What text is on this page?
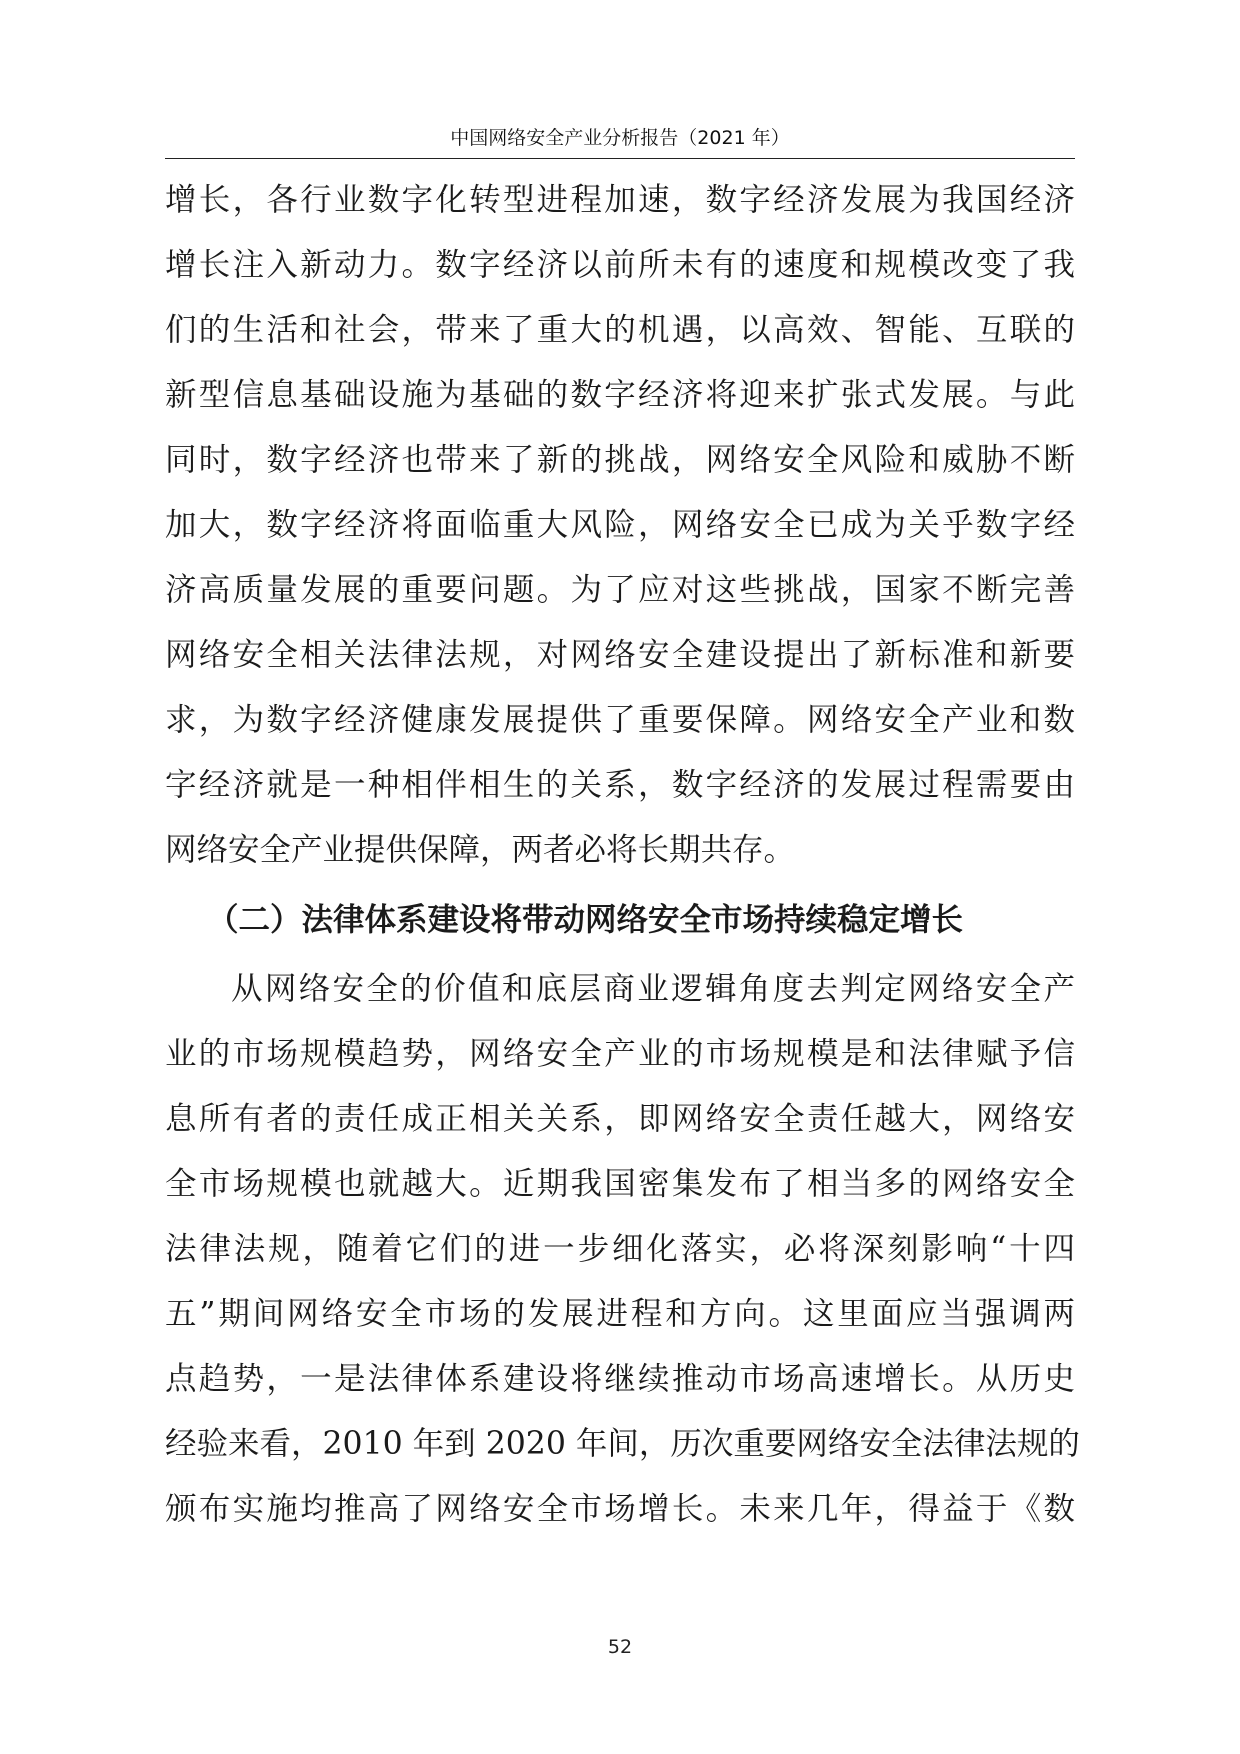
中国网络安全产业分析报告（2021 年）
增长，各行业数字化转型进程加速，数字经济发展为我国经济
增长注入新动力。数字经济以前所未有的速度和规模改变了我
们的生活和社会，带来了重大的机遇，以高效、智能、互联的
新型信息基础设施为基础的数字经济将迎来扩张式发展。与此
同时，数字经济也带来了新的挑战，网络安全风险和威胁不断
加大，数字经济将面临重大风险，网络安全已成为关乎数字经
济高质量发展的重要问题。为了应对这些挑战，国家不断完善
网络安全相关法律法规，对网络安全建设提出了新标准和新要
求，为数字经济健康发展提供了重要保障。网络安全产业和数
字经济就是一种相伴相生的关系，数字经济的发展过程需要由
网络安全产业提供保障，两者必将长期共存。
（二）法律体系建设将带动网络安全市场持续稳定增长
从网络安全的价值和底层商业逻辑角度去判定网络安全产
业的市场规模趋势，网络安全产业的市场规模是和法律赋予信
息所有者的责任成正相关关系，即网络安全责任越大，网络安
全市场规模也就越大。近期我国密集发布了相当多的网络安全
法律法规，随着它们的进一步细化落实，必将深刻影响“十四
五”期间网络安全市场的发展进程和方向。这里面应当强调两
点趋势，一是法律体系建设将继续推动市场高速增长。从历史
经验来看，2010 年到 2020 年间，历次重要网络安全法律法规的
颁布实施均推高了网络安全市场增长。未来几年，得益于《数
52
